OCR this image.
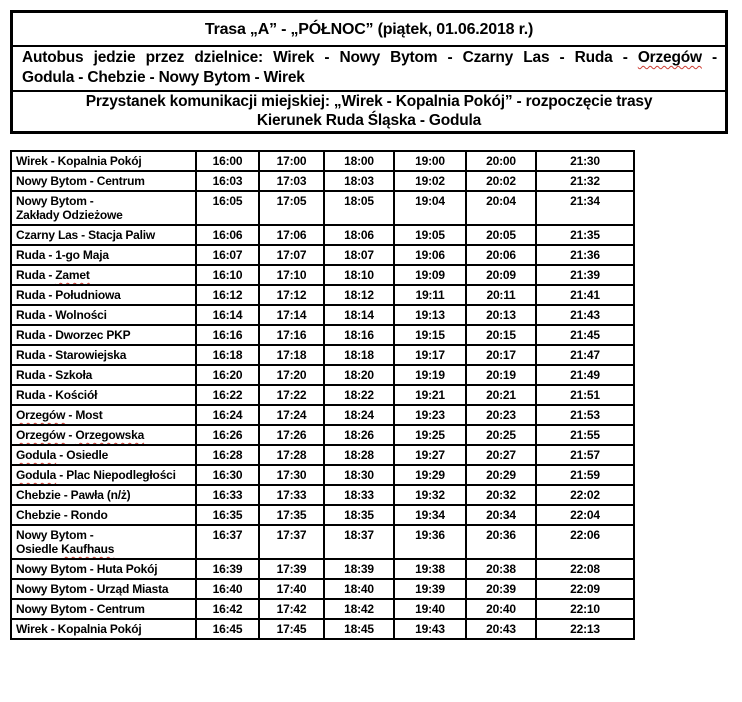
Trasa „A” - „PÓŁNOC” (piątek, 01.06.2018 r.)
Autobus jedzie przez dzielnice: Wirek - Nowy Bytom - Czarny Las - Ruda - Orzegów -
Godula - Chebzie - Nowy Bytom - Wirek
Przystanek komunikacji miejskiej: „Wirek - Kopalnia Pokój” - rozpoczęcie trasy
Kierunek Ruda Śląska - Godula
Wirek - Kopalnia Pokój	16:00	17:00	18:00	19:00	20:00	21:30
Nowy Bytom - Centrum	16:03	17:03	18:03	19:02	20:02	21:32
Nowy Bytom -
Zakłady Odzieżowe	16:05	17:05	18:05	19:04	20:04	21:34
Czarny Las - Stacja Paliw	16:06	17:06	18:06	19:05	20:05	21:35
Ruda - 1-go Maja	16:07	17:07	18:07	19:06	20:06	21:36
Ruda - Zamet	16:10	17:10	18:10	19:09	20:09	21:39
Ruda - Południowa	16:12	17:12	18:12	19:11	20:11	21:41
Ruda - Wolności	16:14	17:14	18:14	19:13	20:13	21:43
Ruda - Dworzec PKP	16:16	17:16	18:16	19:15	20:15	21:45
Ruda - Starowiejska	16:18	17:18	18:18	19:17	20:17	21:47
Ruda - Szkoła	16:20	17:20	18:20	19:19	20:19	21:49
Ruda - Kościół	16:22	17:22	18:22	19:21	20:21	21:51
Orzegów - Most	16:24	17:24	18:24	19:23	20:23	21:53
Orzegów - Orzegowska	16:26	17:26	18:26	19:25	20:25	21:55
Godula - Osiedle	16:28	17:28	18:28	19:27	20:27	21:57
Godula - Plac Niepodległości	16:30	17:30	18:30	19:29	20:29	21:59
Chebzie - Pawła (n/ż)	16:33	17:33	18:33	19:32	20:32	22:02
Chebzie - Rondo	16:35	17:35	18:35	19:34	20:34	22:04
Nowy Bytom -
Osiedle Kaufhaus	16:37	17:37	18:37	19:36	20:36	22:06
Nowy Bytom - Huta Pokój	16:39	17:39	18:39	19:38	20:38	22:08
Nowy Bytom - Urząd Miasta	16:40	17:40	18:40	19:39	20:39	22:09
Nowy Bytom - Centrum	16:42	17:42	18:42	19:40	20:40	22:10
Wirek - Kopalnia Pokój	16:45	17:45	18:45	19:43	20:43	22:13
